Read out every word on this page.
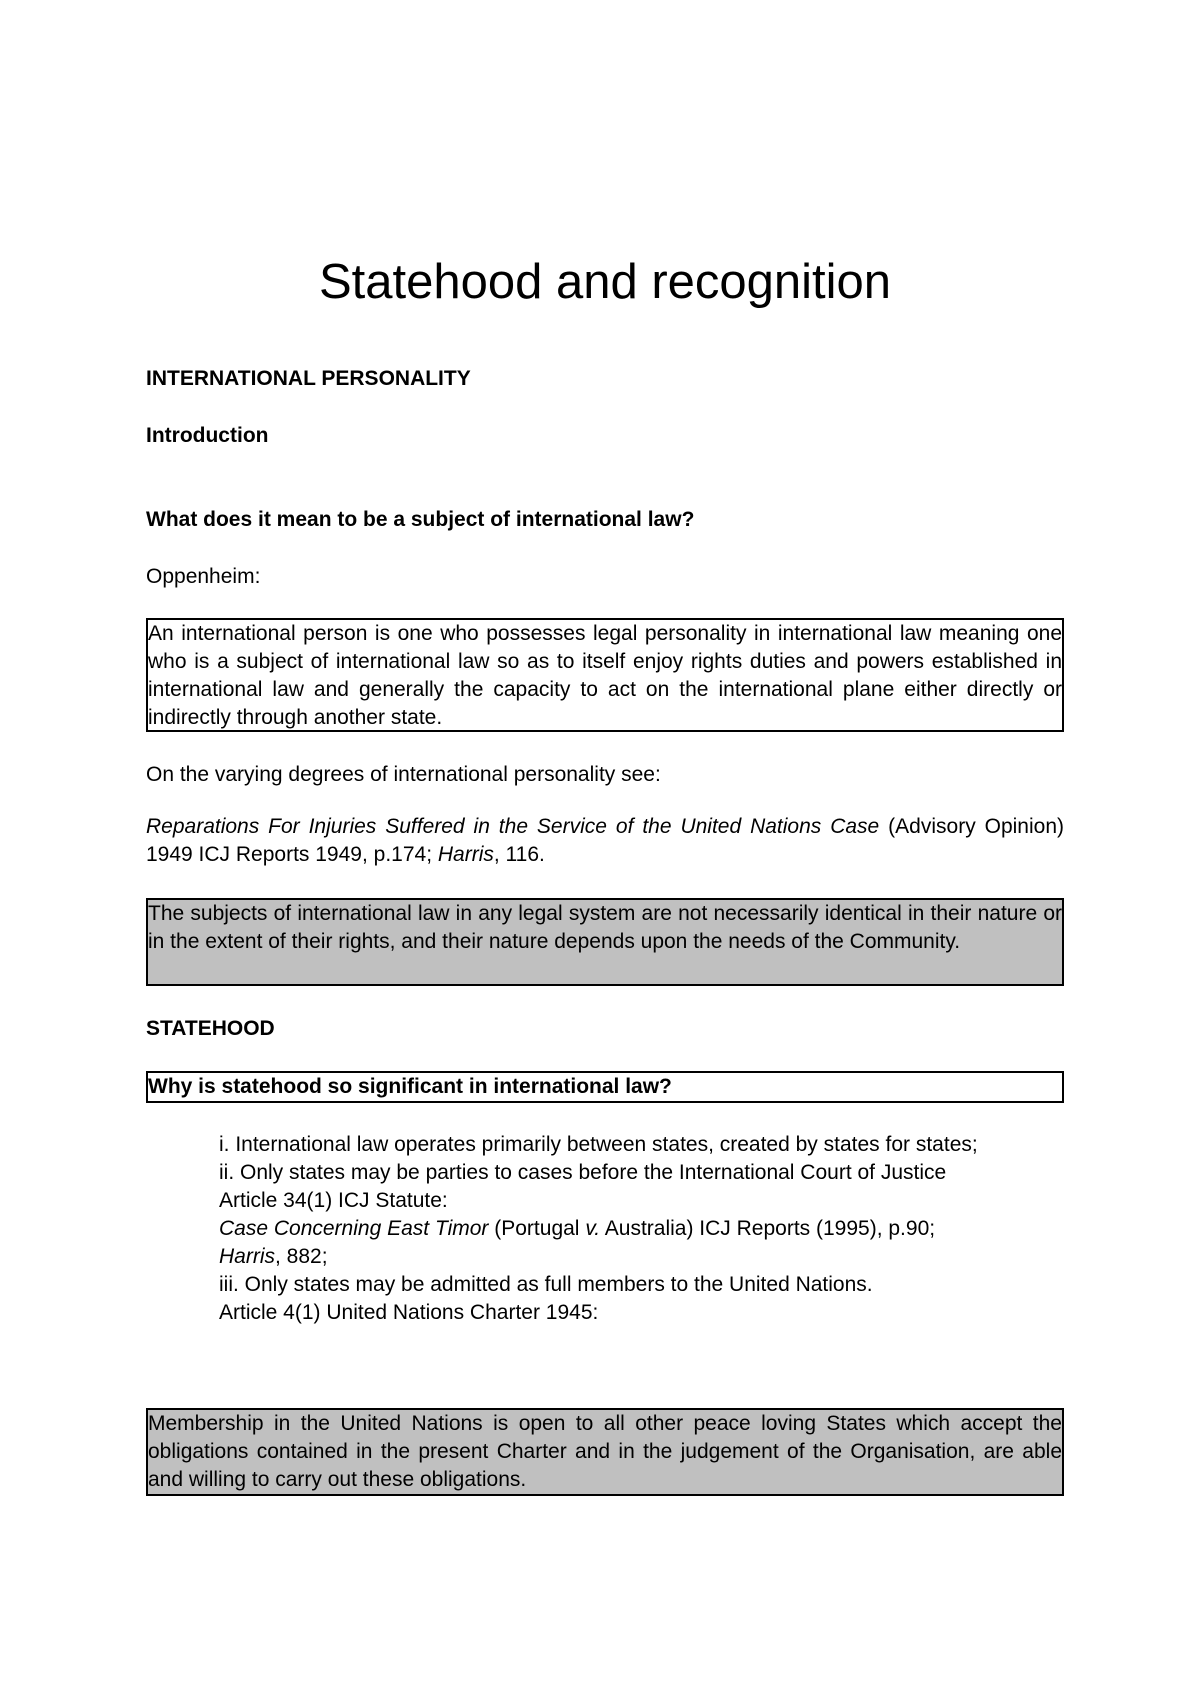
Statehood and recognition

INTERNATIONAL PERSONALITY

Introduction

What does it mean to be a subject of international law?

Oppenheim:

An international person is one who possesses legal personality in international law meaning one who is a subject of international law so as to itself enjoy rights duties and powers established in international law and generally the capacity to act on the international plane either directly or indirectly through another state.

On the varying degrees of international personality see:

Reparations For Injuries Suffered in the Service of the United Nations Case (Advisory Opinion) 1949 ICJ Reports 1949, p.174; Harris, 116.

The subjects of international law in any legal system are not necessarily identical in their nature or in the extent of their rights, and their nature depends upon the needs of the Community.

STATEHOOD

Why is statehood so significant in international law?

i. International law operates primarily between states, created by states for states;
ii. Only states may be parties to cases before the International Court of Justice
Article 34(1) ICJ Statute:
Case Concerning East Timor (Portugal v. Australia) ICJ Reports (1995), p.90;
Harris, 882;
iii. Only states may be admitted as full members to the United Nations.
Article 4(1) United Nations Charter 1945:

Membership in the United Nations is open to all other peace loving States which accept the obligations contained in the present Charter and in the judgement of the Organisation, are able and willing to carry out these obligations.
